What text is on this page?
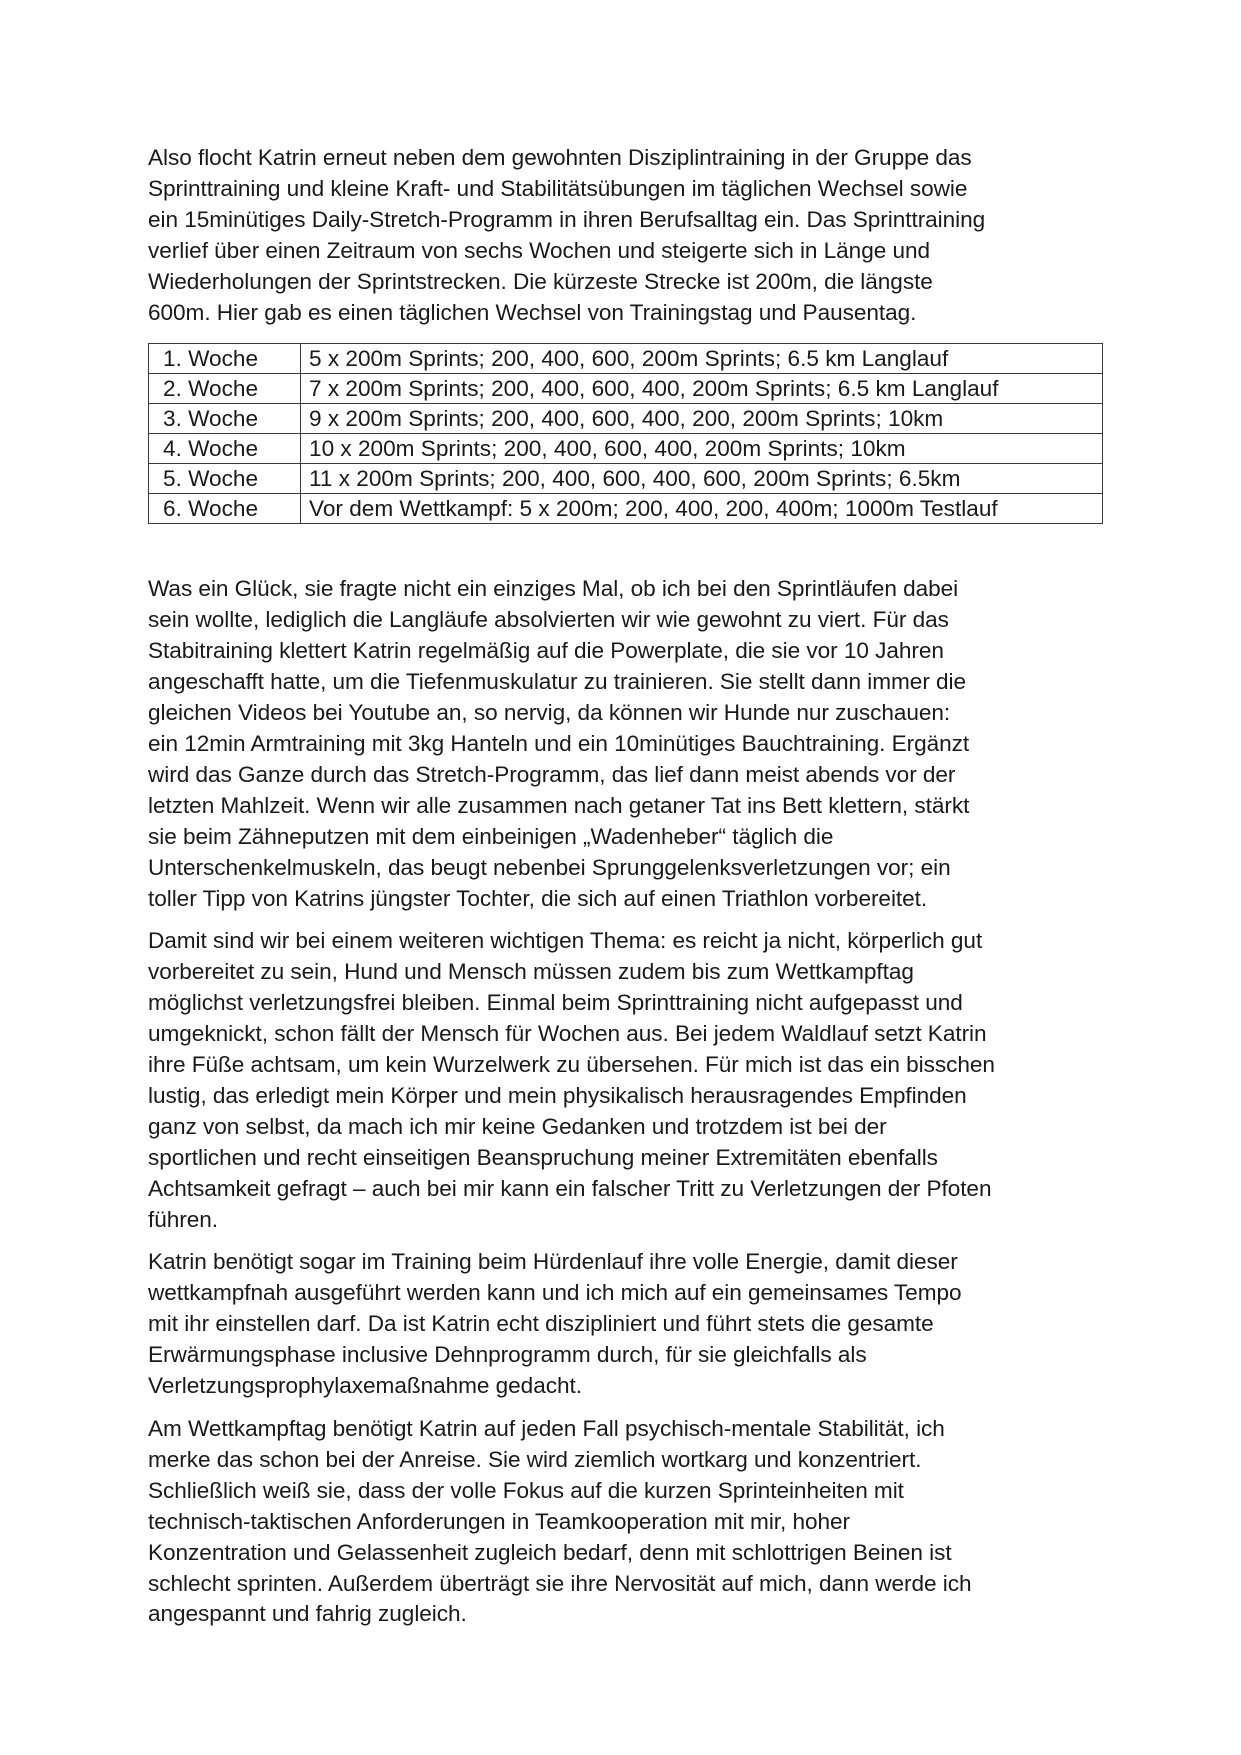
Also flocht Katrin erneut neben dem gewohnten Disziplintraining in der Gruppe das
Sprinttraining und kleine Kraft- und Stabilitätsübungen im täglichen Wechsel sowie
ein 15minütiges Daily-Stretch-Programm in ihren Berufsalltag ein. Das Sprinttraining
verlief über einen Zeitraum von sechs Wochen und steigerte sich in Länge und
Wiederholungen der Sprintstrecken. Die kürzeste Strecke ist 200m, die längste
600m. Hier gab es einen täglichen Wechsel von Trainingstag und Pausentag.

1. Woche	5 x 200m Sprints; 200, 400, 600, 200m Sprints; 6.5 km Langlauf
2. Woche	7 x 200m Sprints; 200, 400, 600, 400, 200m Sprints; 6.5 km Langlauf
3. Woche	9 x 200m Sprints; 200, 400, 600, 400, 200, 200m Sprints; 10km
4. Woche	10 x 200m Sprints; 200, 400, 600, 400, 200m Sprints; 10km
5. Woche	11 x 200m Sprints; 200, 400, 600, 400, 600, 200m Sprints; 6.5km
6. Woche	Vor dem Wettkampf: 5 x 200m; 200, 400, 200, 400m; 1000m Testlauf

Was ein Glück, sie fragte nicht ein einziges Mal, ob ich bei den Sprintläufen dabei
sein wollte, lediglich die Langläufe absolvierten wir wie gewohnt zu viert. Für das
Stabitraining klettert Katrin regelmäßig auf die Powerplate, die sie vor 10 Jahren
angeschafft hatte, um die Tiefenmuskulatur zu trainieren. Sie stellt dann immer die
gleichen Videos bei Youtube an, so nervig, da können wir Hunde nur zuschauen:
ein 12min Armtraining mit 3kg Hanteln und ein 10minütiges Bauchtraining. Ergänzt
wird das Ganze durch das Stretch-Programm, das lief dann meist abends vor der
letzten Mahlzeit. Wenn wir alle zusammen nach getaner Tat ins Bett klettern, stärkt
sie beim Zähneputzen mit dem einbeinigen „Wadenheber“ täglich die
Unterschenkelmuskeln, das beugt nebenbei Sprunggelenksverletzungen vor; ein
toller Tipp von Katrins jüngster Tochter, die sich auf einen Triathlon vorbereitet.

Damit sind wir bei einem weiteren wichtigen Thema: es reicht ja nicht, körperlich gut
vorbereitet zu sein, Hund und Mensch müssen zudem bis zum Wettkampftag
möglichst verletzungsfrei bleiben. Einmal beim Sprinttraining nicht aufgepasst und
umgeknickt, schon fällt der Mensch für Wochen aus. Bei jedem Waldlauf setzt Katrin
ihre Füße achtsam, um kein Wurzelwerk zu übersehen. Für mich ist das ein bisschen
lustig, das erledigt mein Körper und mein physikalisch herausragendes Empfinden
ganz von selbst, da mach ich mir keine Gedanken und trotzdem ist bei der
sportlichen und recht einseitigen Beanspruchung meiner Extremitäten ebenfalls
Achtsamkeit gefragt – auch bei mir kann ein falscher Tritt zu Verletzungen der Pfoten
führen.

Katrin benötigt sogar im Training beim Hürdenlauf ihre volle Energie, damit dieser
wettkampfnah ausgeführt werden kann und ich mich auf ein gemeinsames Tempo
mit ihr einstellen darf. Da ist Katrin echt diszipliniert und führt stets die gesamte
Erwärmungsphase inclusive Dehnprogramm durch, für sie gleichfalls als
Verletzungsprophylaxemaßnahme gedacht.

Am Wettkampftag benötigt Katrin auf jeden Fall psychisch-mentale Stabilität, ich
merke das schon bei der Anreise. Sie wird ziemlich wortkarg und konzentriert.
Schließlich weiß sie, dass der volle Fokus auf die kurzen Sprinteinheiten mit
technisch-taktischen Anforderungen in Teamkooperation mit mir, hoher
Konzentration und Gelassenheit zugleich bedarf, denn mit schlottrigen Beinen ist
schlecht sprinten. Außerdem überträgt sie ihre Nervosität auf mich, dann werde ich
angespannt und fahrig zugleich.
